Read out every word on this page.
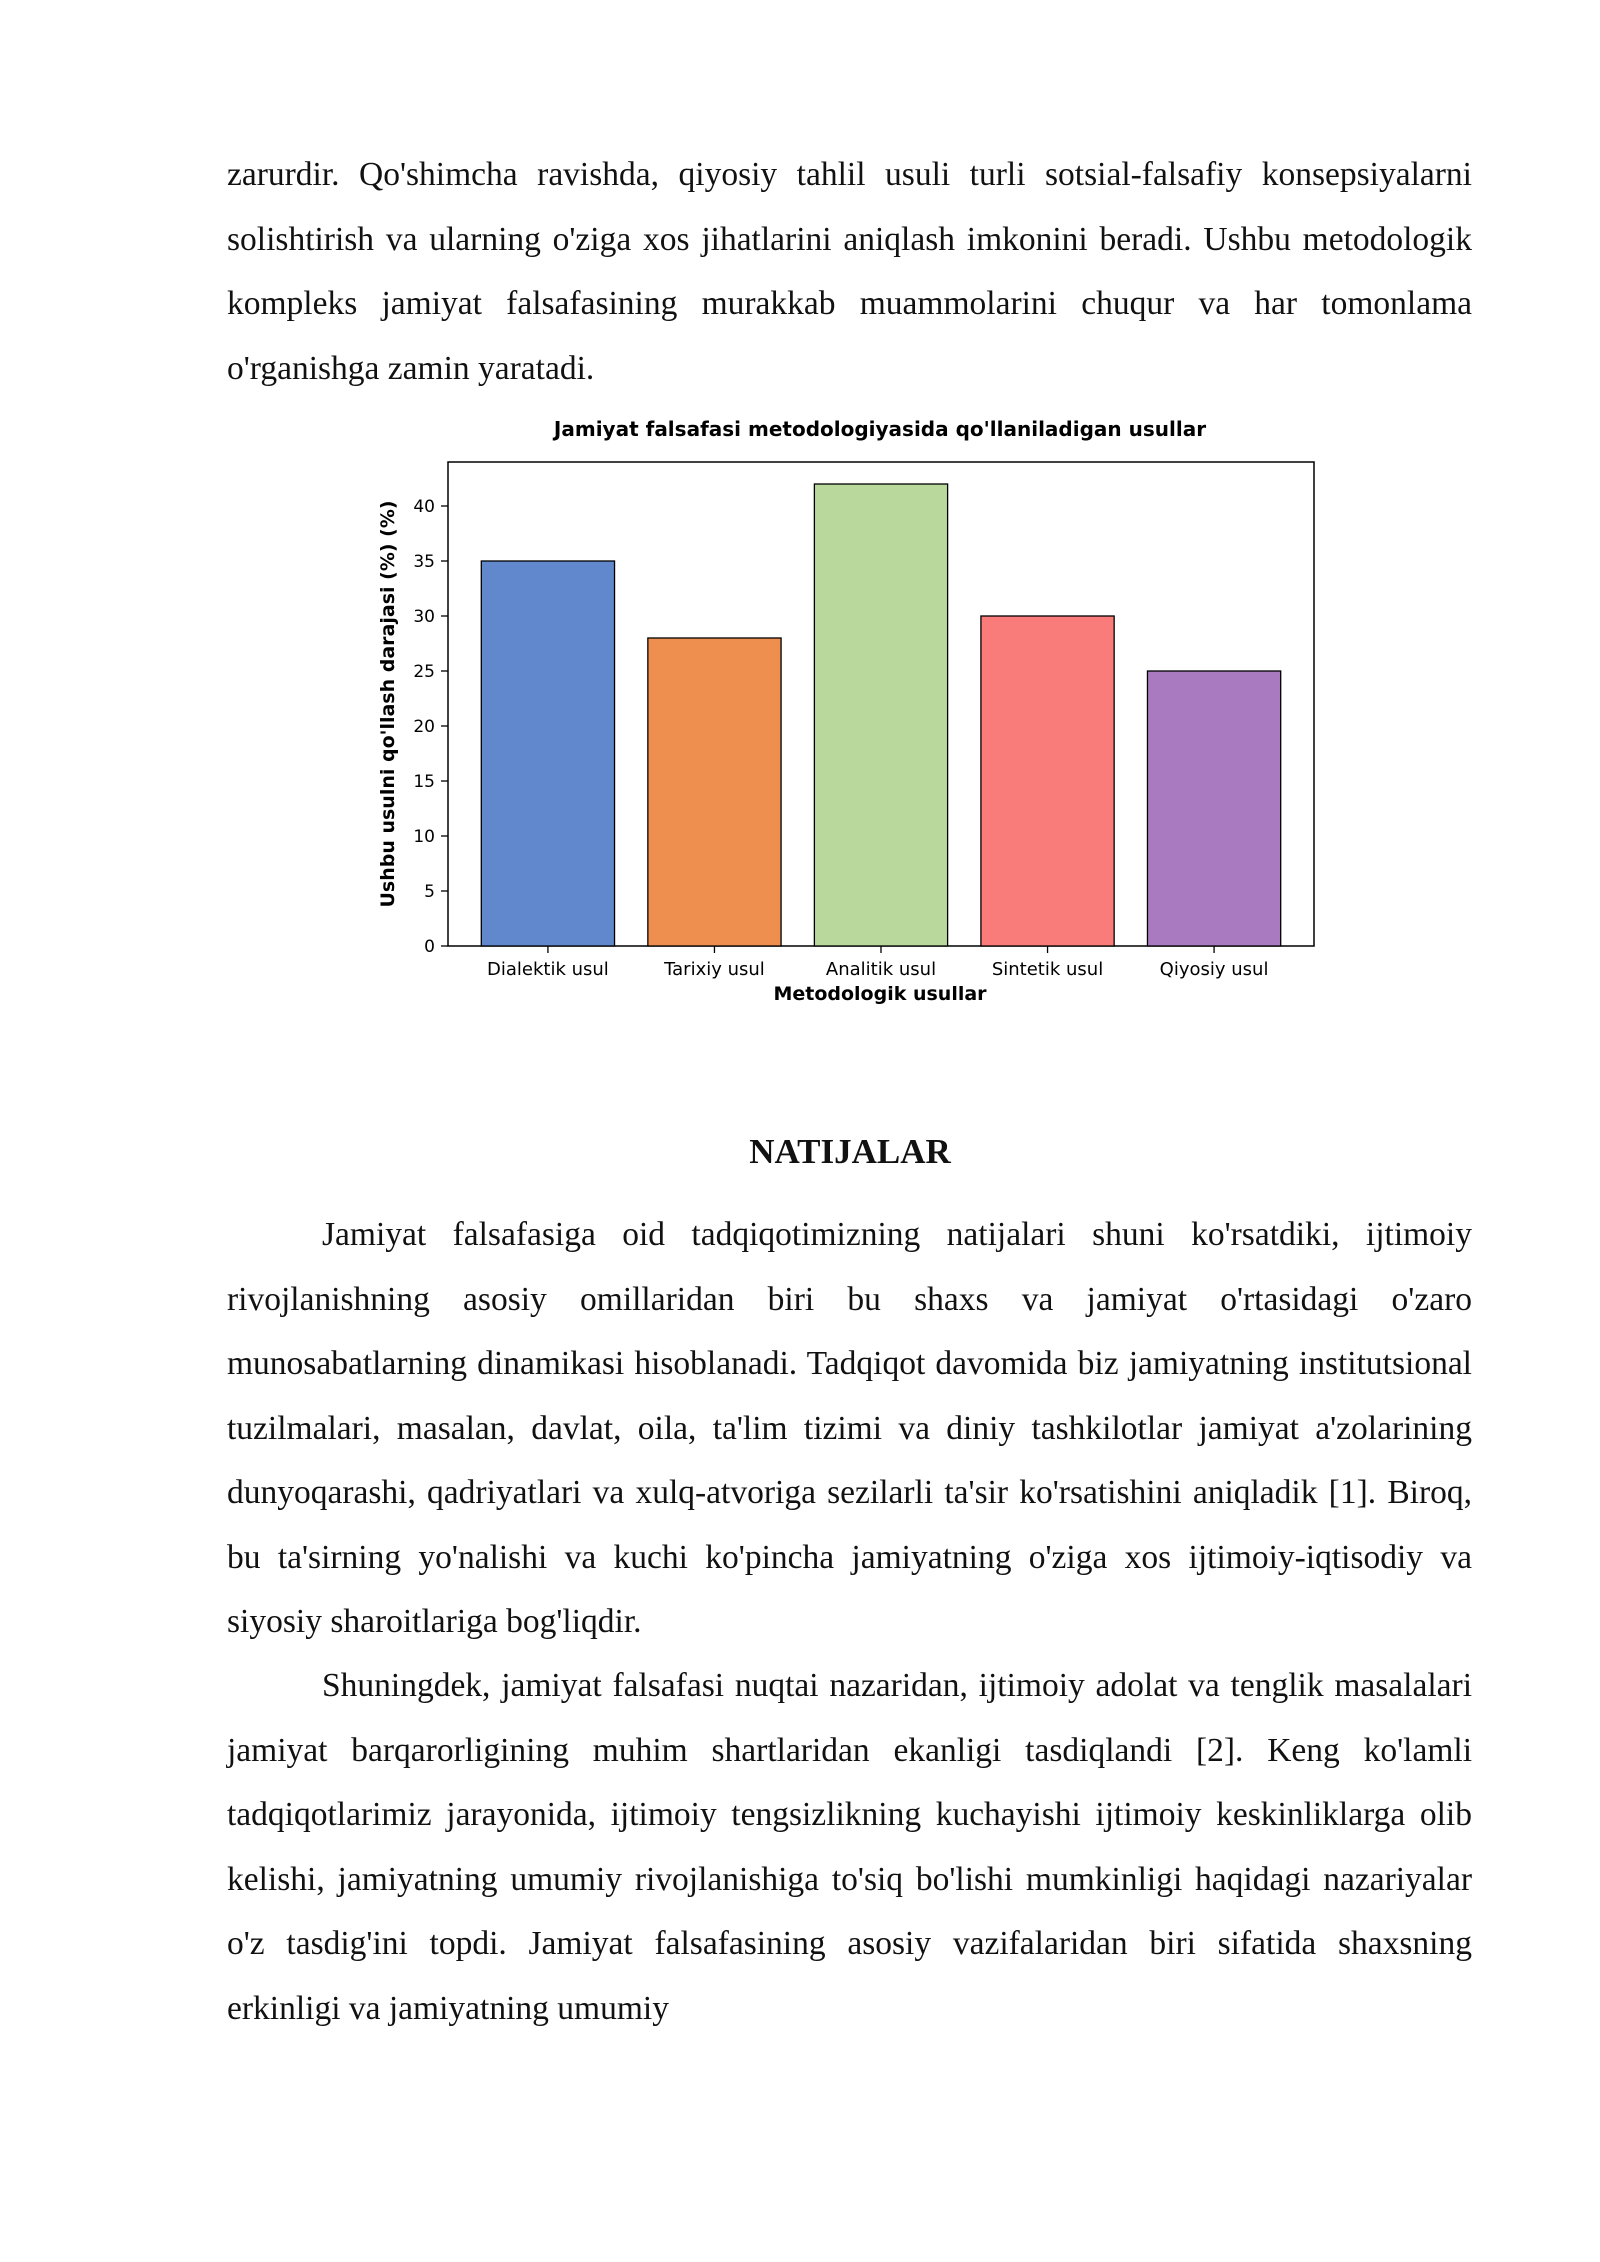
zarurdir. Qo'shimcha ravishda, qiyosiy tahlil usuli turli sotsial-falsafiy konsepsiyalarni solishtirish va ularning o'ziga xos jihatlarini aniqlash imkonini beradi. Ushbu metodologik kompleks jamiyat falsafasining murakkab muammolarini chuqur va har tomonlama o'rganishga zamin yaratadi.

Jamiyat falsafasi metodologiyasida qo'llaniladigan usullar
0
5
10
15
20
25
30
35
40
Dialektik usul	Tarixiy usul	Analitik usul	Sintetik usul	Qiyosiy usul
Metodologik usullar
Ushbu usulni qo'llash darajasi (%) (%)
NATIJALAR

Jamiyat falsafasiga oid tadqiqotimizning natijalari shuni ko'rsatdiki, ijtimoiy rivojlanishning asosiy omillaridan biri bu shaxs va jamiyat o'rtasidagi o'zaro munosabatlarning dinamikasi hisoblanadi. Tadqiqot davomida biz jamiyatning institutsional tuzilmalari, masalan, davlat, oila, ta'lim tizimi va diniy tashkilotlar jamiyat a'zolarining dunyoqarashi, qadriyatlari va xulq-atvoriga sezilarli ta'sir ko'rsatishini aniqladik [1]. Biroq, bu ta'sirning yo'nalishi va kuchi ko'pincha jamiyatning o'ziga xos ijtimoiy-iqtisodiy va siyosiy sharoitlariga bog'liqdir.

Shuningdek, jamiyat falsafasi nuqtai nazaridan, ijtimoiy adolat va tenglik masalalari jamiyat barqarorligining muhim shartlaridan ekanligi tasdiqlandi [2]. Keng ko'lamli tadqiqotlarimiz jarayonida, ijtimoiy tengsizlikning kuchayishi ijtimoiy keskinliklarga olib kelishi, jamiyatning umumiy rivojlanishiga to'siq bo'lishi mumkinligi haqidagi nazariyalar o'z tasdig'ini topdi. Jamiyat falsafasining asosiy vazifalaridan biri sifatida shaxsning erkinligi va jamiyatning umumiy
